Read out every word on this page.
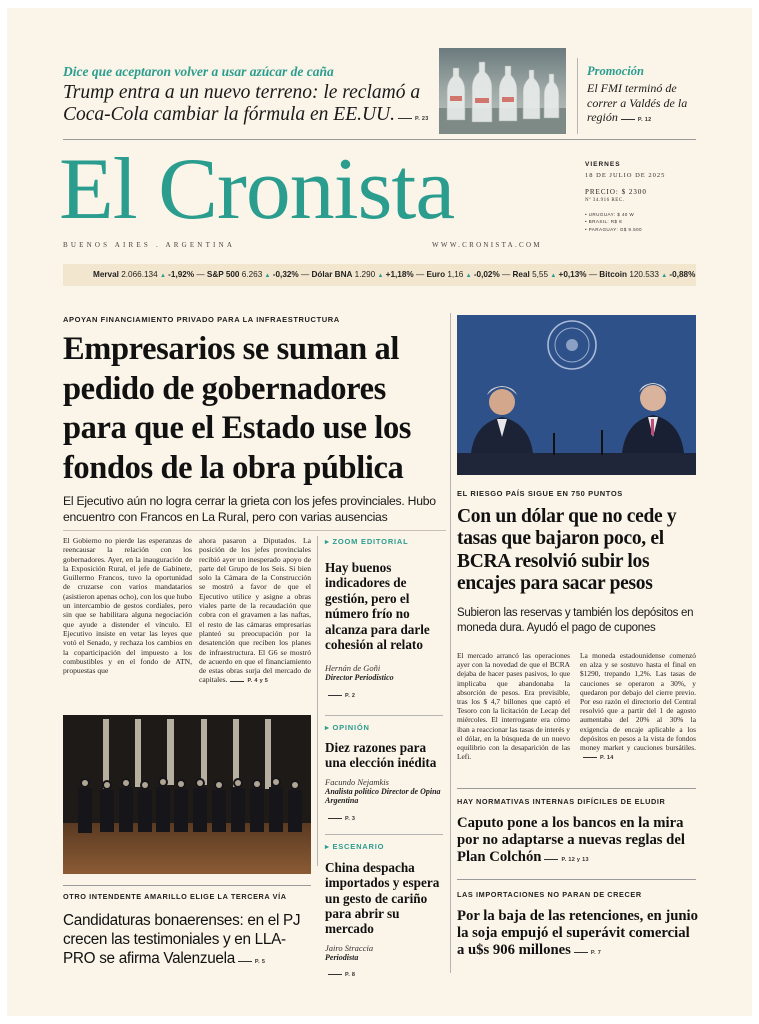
Dice que aceptaron volver a usar azúcar de caña
Trump entra a un nuevo terreno: le reclamó a Coca-Cola cambiar la fórmula en EE.UU.	P. 23
Promoción
El FMI terminó de correr a Valdés de la región	P. 12
El Cronista
BUENOS AIRES . ARGENTINA	WWW.CRONISTA.COM
VIERNES
18 DE JULIO DE 2025
PRECIO: $ 2300
Nº 34.916 REC.
• URUGUAY: $ 40 W
• BRASIL: R$ 8
• PARAGUAY: G$ 9.500
Merval 2.066.134 ▲ -1,92% — S&P 500 6.263 ▲ -0,32% — Dólar BNA 1.290 ▲ +1,18% — Euro 1,16 ▲ -0,02% — Real 5,55 ▲ +0,13% — Bitcoin 120.533 ▲ -0,88%
APOYAN FINANCIAMIENTO PRIVADO PARA LA INFRAESTRUCTURA
Empresarios se suman al pedido de gobernadores para que el Estado use los fondos de la obra pública
El Ejecutivo aún no logra cerrar la grieta con los jefes provinciales. Hubo encuentro con Francos en La Rural, pero con varias ausencias
El Gobierno no pierde las esperanzas de reencausar la relación con los gobernadores. Ayer, en la inauguración de la Exposición Rural, el jefe de Gabinete, Guillermo Francos, tuvo la oportunidad de cruzarse con varios mandatarios (asistieron apenas ocho), con los que hubo un intercambio de gestos cordiales, pero sin que se habilitara alguna negociación que ayude a distender el vínculo. El Ejecutivo insiste en vetar las leyes que votó el Senado, y rechaza los cambios en la coparticipación del impuesto a los combustibles y en el fondo de ATN, propuestas que
ahora pasaron a Diputados. La posición de los jefes provinciales recibió ayer un inesperado apoyo de parte del Grupo de los Seis. Si bien solo la Cámara de la Construcción se mostró a favor de que el Ejecutivo utilice y asigne a obras viales parte de la recaudación que cobra con el gravamen a las naftas, el resto de las cámaras empresarias planteó su preocupación por la desatención que reciben los planes de infraestructura. El G6 se mostró de acuerdo en que el financiamiento de estas obras surja del mercado de capitales.	P. 4 y 5
▸ ZOOM EDITORIAL
Hay buenos indicadores de gestión, pero el número frío no alcanza para darle cohesión al relato
Hernán de Goñi
Director Periodístico
P. 2
▸ OPINIÓN
Diez razones para una elección inédita
Facundo Nejamkis
Analista político Director de Opina Argentina
P. 3
▸ ESCENARIO
China despacha importados y espera un gesto de cariño para abrir su mercado
Jairo Straccia
Periodista
P. 8
OTRO INTENDENTE AMARILLO ELIGE LA TERCERA VÍA
Candidaturas bonaerenses: en el PJ crecen las testimoniales y en LLA-PRO se afirma Valenzuela	P. 5
EL RIESGO PAÍS SIGUE EN 750 PUNTOS
Con un dólar que no cede y tasas que bajaron poco, el BCRA resolvió subir los encajes para sacar pesos
Subieron las reservas y también los depósitos en moneda dura. Ayudó el pago de cupones
El mercado arrancó las operaciones ayer con la novedad de que el BCRA dejaba de hacer pases pasivos, lo que implicaba que abandonaba la absorción de pesos. Era previsible, tras los $ 4,7 billones que captó el Tesoro con la licitación de Lecap del miércoles. El interrogante era cómo iban a reaccionar las tasas de interés y el dólar, en la búsqueda de un nuevo equilibrio con la desaparición de las Lefi.
La moneda estadounidense comenzó en alza y se sostuvo hasta el final en $1290, trepando 1,2%. Las tasas de cauciones se operaron a 30%, y quedaron por debajo del cierre previo. Por eso razón el directorio del Central resolvió que a partir del 1 de agosto aumentaba del 20% al 30% la exigencia de encaje aplicable a los depósitos en pesos a la vista de fondos money market y cauciones bursátiles.P. 14
HAY NORMATIVAS INTERNAS DIFÍCILES DE ELUDIR
Caputo pone a los bancos en la mira por no adaptarse a nuevas reglas del Plan Colchón	P. 12 y 13
LAS IMPORTACIONES NO PARAN DE CRECER
Por la baja de las retenciones, en junio la soja empujó el superávit comercial a u$s 906 millones	P. 7
